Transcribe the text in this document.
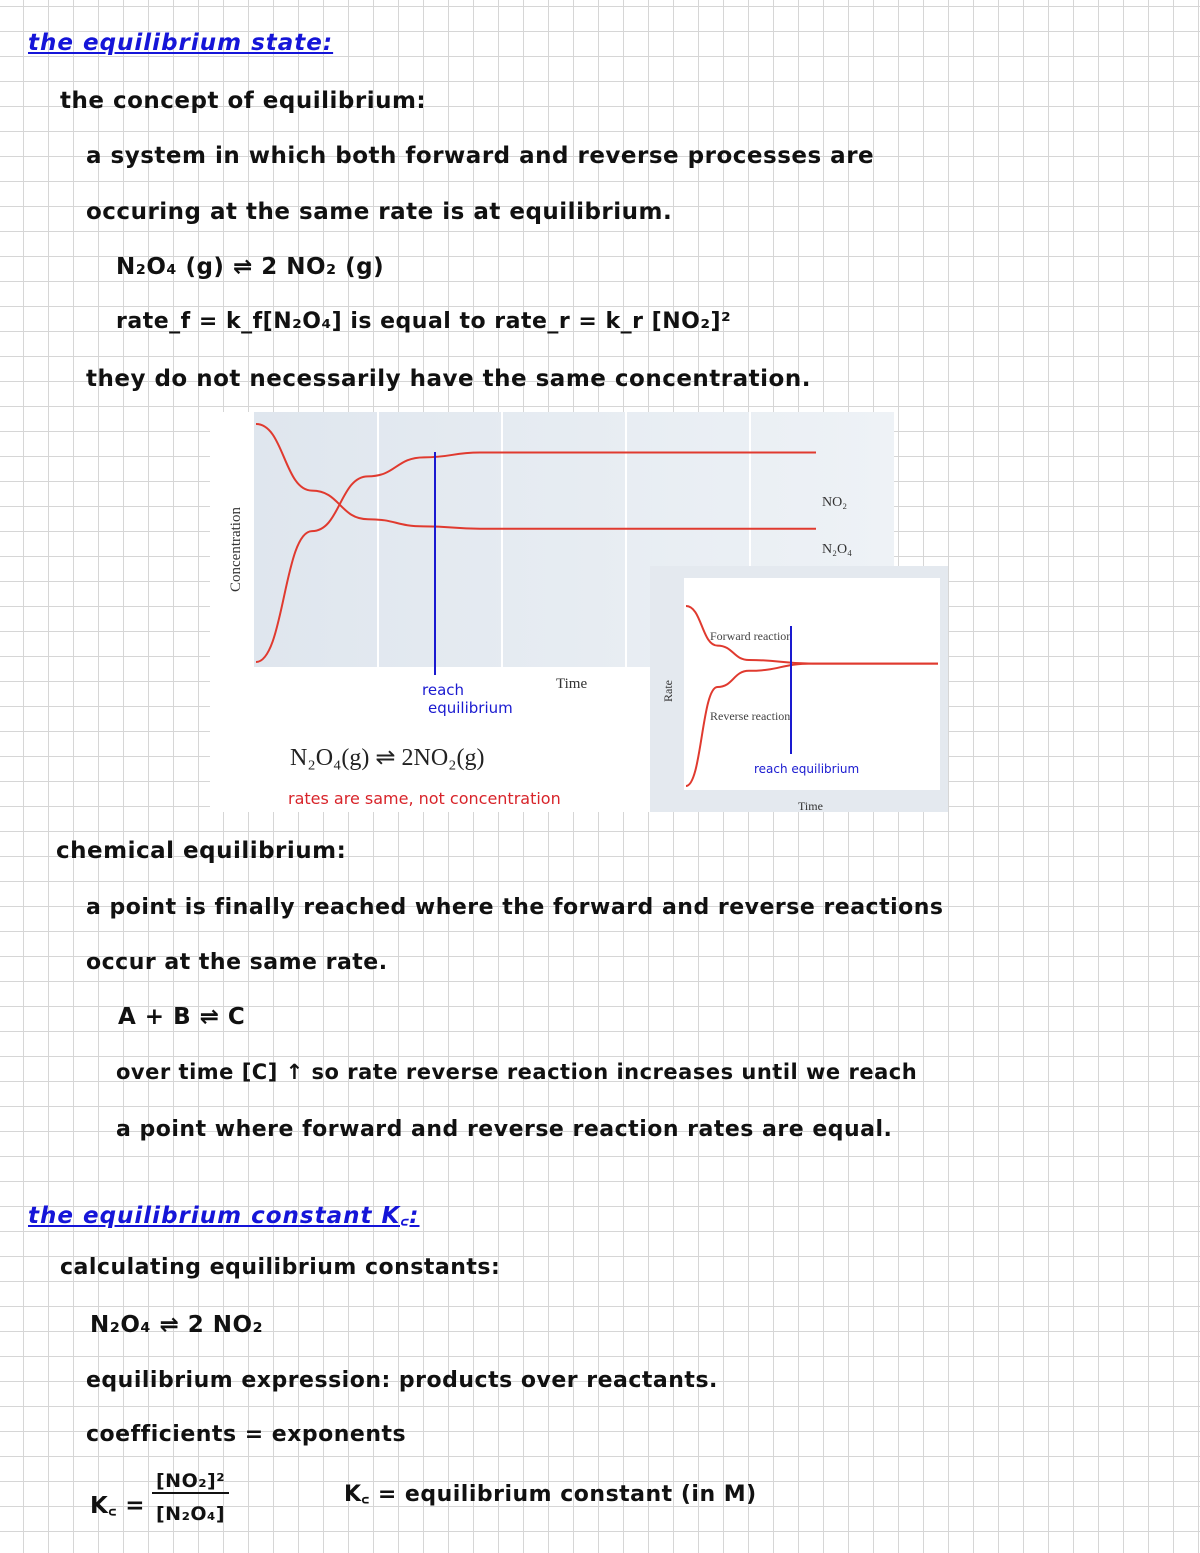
the equilibrium state:
the concept of equilibrium:
a system in which both forward and reverse processes are
occuring at the same rate is at equilibrium.
N₂O₄ (g) ⇌ 2 NO₂ (g)
rate_f = k_f[N₂O₄] is equal to rate_r = k_r [NO₂]²
they do not necessarily have the same concentration.
Concentration
Time
NO₂
N₂O₄
reach
equilibrium
N₂O₄(g) ⇌ 2NO₂(g)
rates are same, not concentration
Rate
Time
Forward reaction
Reverse reaction
reach equilibrium
chemical equilibrium:
a point is finally reached where the forward and reverse reactions
occur at the same rate.
A + B ⇌ C
over time [C] ↑ so rate reverse reaction increases until we reach
a point where forward and reverse reaction rates are equal.
the equilibrium constant K꜀:
calculating equilibrium constants:
N₂O₄ ⇌ 2 NO₂
equilibrium expression: products over reactants.
coefficients = exponents
K꜀ =
[NO₂]²
[N₂O₄]
K꜀ = equilibrium constant (in M)
